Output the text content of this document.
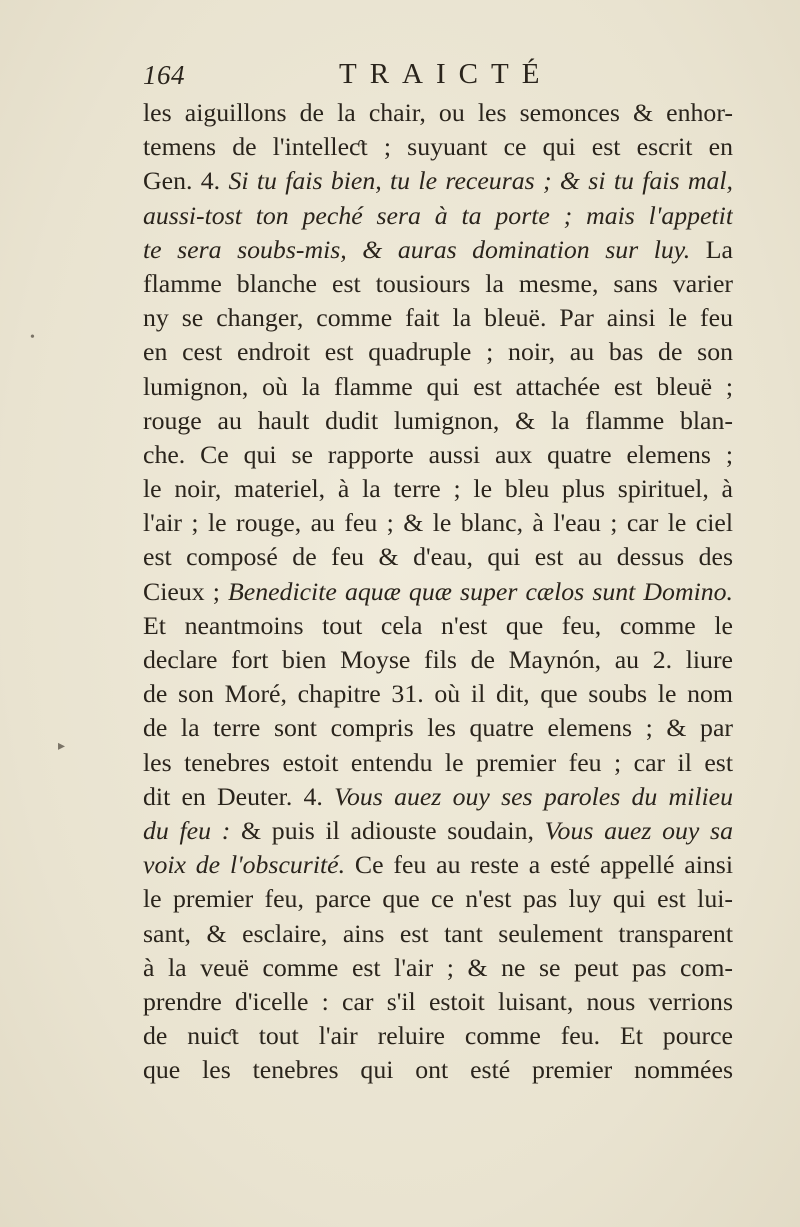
164	TRAICTÉ
les aiguillons de la chair, ou les semonces & enhor-
temens de l'intelleƈt ; suyuant ce qui est escrit en
Gen. 4. Si tu fais bien, tu le receuras ; & si tu fais mal,
aussi-tost ton peché sera à ta porte ; mais l'appetit
te sera soubs-mis, & auras domination sur luy. La
flamme blanche est tousiours la mesme, sans varier
ny se changer, comme fait la bleuë. Par ainsi le feu
en cest endroit est quadruple ; noir, au bas de son
lumignon, où la flamme qui est attachée est bleuë ;
rouge au hault dudit lumignon, & la flamme blan-
che. Ce qui se rapporte aussi aux quatre elemens ;
le noir, materiel, à la terre ; le bleu plus spirituel, à
l'air ; le rouge, au feu ; & le blanc, à l'eau ; car le ciel
est composé de feu & d'eau, qui est au dessus des
Cieux ; Benedicite aquæ quæ super cælos sunt Domino.
Et neantmoins tout cela n'est que feu, comme le
declare fort bien Moyse fils de Maynón, au 2. liure
de son Moré, chapitre 31. où il dit, que soubs le nom
de la terre sont compris les quatre elemens ; & par
les tenebres estoit entendu le premier feu ; car il est
dit en Deuter. 4. Vous auez ouy ses paroles du milieu
du feu : & puis il adiouste soudain, Vous auez ouy sa
voix de l'obscurité. Ce feu au reste a esté appellé ainsi
le premier feu, parce que ce n'est pas luy qui est lui-
sant, & esclaire, ains est tant seulement transparent
à la veuë comme est l'air ; & ne se peut pas com-
prendre d'icelle : car s'il estoit luisant, nous verrions
de nuiƈt tout l'air reluire comme feu. Et pource
que les tenebres qui ont esté premier nommées
•
▸
